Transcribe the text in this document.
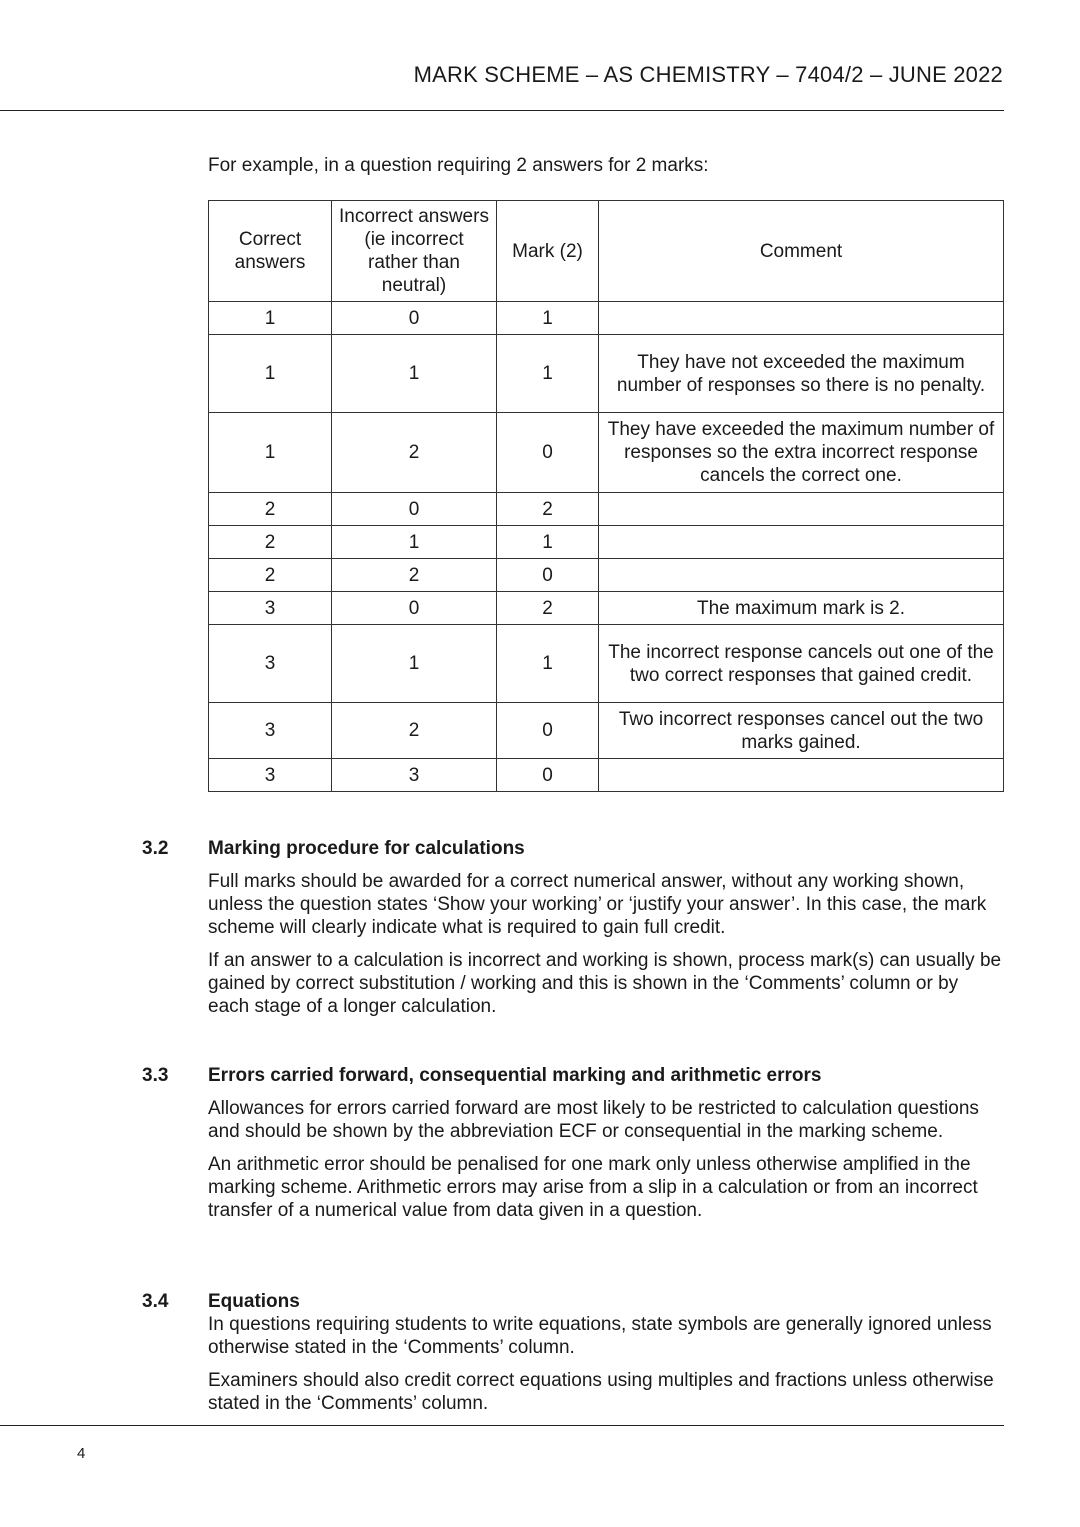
MARK SCHEME – AS CHEMISTRY – 7404/2 – JUNE 2022
For example, in a question requiring 2 answers for 2 marks:
Correct answers	Incorrect answers (ie incorrect rather than neutral)	Mark (2)	Comment
1	0	1	
1	1	1	They have not exceeded the maximum number of responses so there is no penalty.
1	2	0	They have exceeded the maximum number of responses so the extra incorrect response cancels the correct one.
2	0	2	
2	1	1	
2	2	0	
3	0	2	The maximum mark is 2.
3	1	1	The incorrect response cancels out one of the two correct responses that gained credit.
3	2	0	Two incorrect responses cancel out the two marks gained.
3	3	0	
3.2 Marking procedure for calculations

Full marks should be awarded for a correct numerical answer, without any working shown, unless the question states ‘Show your working’ or ‘justify your answer’. In this case, the mark scheme will clearly indicate what is required to gain full credit.

If an answer to a calculation is incorrect and working is shown, process mark(s) can usually be gained by correct substitution / working and this is shown in the ‘Comments’ column or by each stage of a longer calculation.

3.3 Errors carried forward, consequential marking and arithmetic errors

Allowances for errors carried forward are most likely to be restricted to calculation questions and should be shown by the abbreviation ECF or consequential in the marking scheme.

An arithmetic error should be penalised for one mark only unless otherwise amplified in the marking scheme. Arithmetic errors may arise from a slip in a calculation or from an incorrect transfer of a numerical value from data given in a question.

3.4 Equations

In questions requiring students to write equations, state symbols are generally ignored unless otherwise stated in the ‘Comments’ column.

Examiners should also credit correct equations using multiples and fractions unless otherwise stated in the ‘Comments’ column.

4
